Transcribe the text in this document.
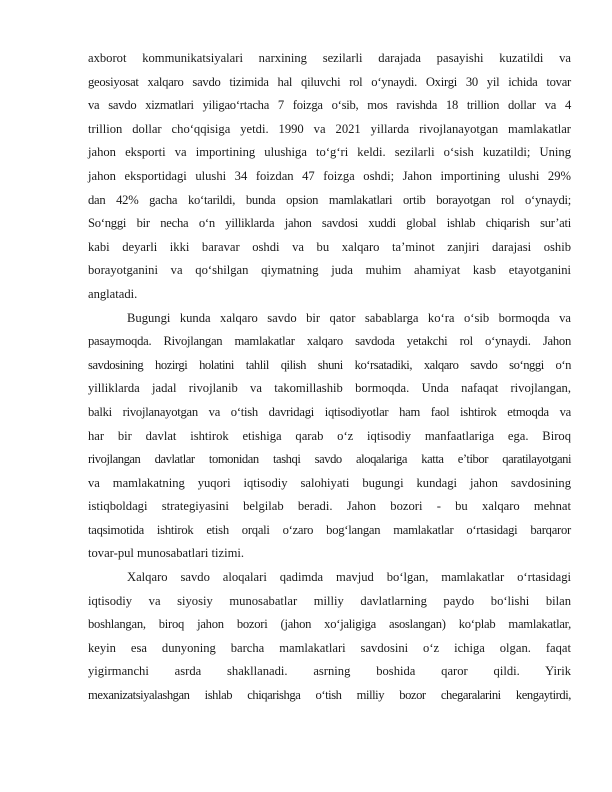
axborot kommunikatsiyalari narxining sezilarli darajada pasayishi kuzatildi va
geosiyosat xalqaro savdo tizimida hal qiluvchi rol o‘ynaydi. Oxirgi 30 yil ichida tovar
va savdo xizmatlari yiligao‘rtacha 7 foizga o‘sib, mos ravishda 18 trillion dollar va 4
trillion dollar cho‘qqisiga yetdi. 1990 va 2021 yillarda rivojlanayotgan mamlakatlar
jahon eksporti va importining ulushiga to‘g‘ri keldi. sezilarli o‘sish kuzatildi; Uning
jahon eksportidagi ulushi 34 foizdan 47 foizga oshdi; Jahon importining ulushi 29%
dan 42% gacha ko‘tarildi, bunda opsion mamlakatlari ortib borayotgan rol o‘ynaydi;
So‘nggi bir necha o‘n yilliklarda jahon savdosi xuddi global ishlab chiqarish sur’ati
kabi deyarli ikki baravar oshdi va bu xalqaro ta’minot zanjiri darajasi oshib
borayotganini va qo‘shilgan qiymatning juda muhim ahamiyat kasb etayotganini
anglatadi.

Bugungi kunda xalqaro savdo bir qator sabablarga ko‘ra o‘sib bormoqda va
pasaymoqda. Rivojlangan mamlakatlar xalqaro savdoda yetakchi rol o‘ynaydi. Jahon
savdosining hozirgi holatini tahlil qilish shuni ko‘rsatadiki, xalqaro savdo so‘nggi o‘n
yilliklarda jadal rivojlanib va takomillashib bormoqda. Unda nafaqat rivojlangan,
balki rivojlanayotgan va o‘tish davridagi iqtisodiyotlar ham faol ishtirok etmoqda va
har bir davlat ishtirok etishiga qarab o‘z iqtisodiy manfaatlariga ega. Biroq
rivojlangan davlatlar tomonidan tashqi savdo aloqalariga katta e’tibor qaratilayotgani
va mamlakatning yuqori iqtisodiy salohiyati bugungi kundagi jahon savdosining
istiqboldagi strategiyasini belgilab beradi. Jahon bozori - bu xalqaro mehnat
taqsimotida ishtirok etish orqali o‘zaro bog‘langan mamlakatlar o‘rtasidagi barqaror
tovar-pul munosabatlari tizimi.

Xalqaro savdo aloqalari qadimda mavjud bo‘lgan, mamlakatlar o‘rtasidagi
iqtisodiy va siyosiy munosabatlar milliy davlatlarning paydo bo‘lishi bilan
boshlangan, biroq jahon bozori (jahon xo‘jaligiga asoslangan) ko‘plab mamlakatlar,
keyin esa dunyoning barcha mamlakatlari savdosini o‘z ichiga olgan. faqat
yigirmanchi asrda shakllanadi. asrning boshida qaror qildi. Yirik
mexanizatsiyalashgan ishlab chiqarishga o‘tish milliy bozor chegaralarini kengaytirdi,
